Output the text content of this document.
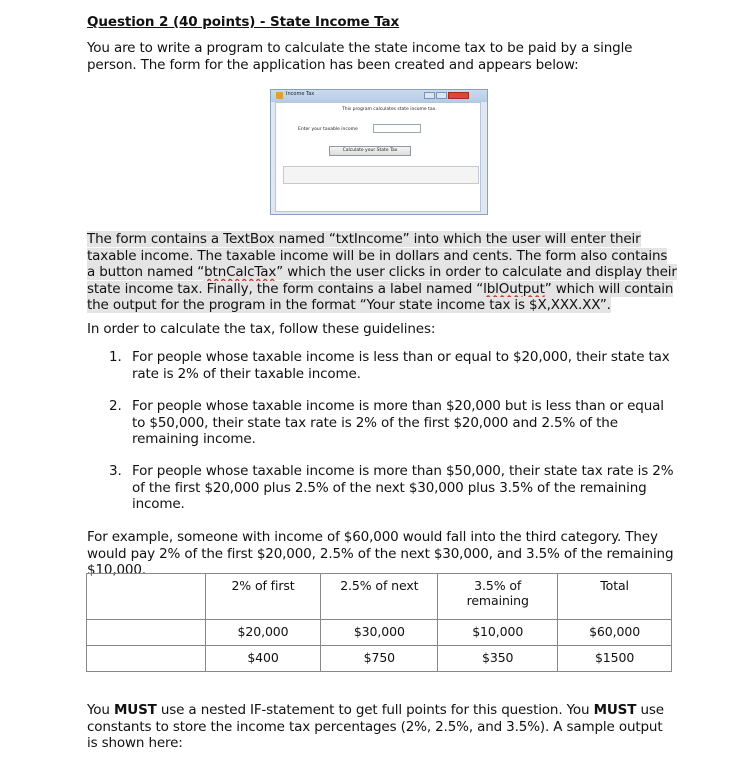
Question 2 (40 points) - State Income Tax
You are to write a program to calculate the state income tax to be paid by a single person. The form for the application has been created and appears below:
Income Tax
This program calculates state income tax.
Enter your taxable income
Calculate your State Tax
The form contains a TextBox named “txtIncome” into which the user will enter their taxable income. The taxable income will be in dollars and cents. The form also contains a button named “btnCalcTax” which the user clicks in order to calculate and display their state income tax. Finally, the form contains a label named “lblOutput” which will contain the output for the program in the format “Your state income tax is $X,XXX.XX”.
In order to calculate the tax, follow these guidelines:
1. For people whose taxable income is less than or equal to $20,000, their state tax rate is 2% of their taxable income.
2. For people whose taxable income is more than $20,000 but is less than or equal to $50,000, their state tax rate is 2% of the first $20,000 and 2.5% of the remaining income.
3. For people whose taxable income is more than $50,000, their state tax rate is 2% of the first $20,000 plus 2.5% of the next $30,000 plus 3.5% of the remaining income.
For example, someone with income of $60,000 would fall into the third category. They would pay 2% of the first $20,000, 2.5% of the next $30,000, and 3.5% of the remaining $10,000.
	2% of first	2.5% of next	3.5% of remaining	Total
	$20,000	$30,000	$10,000	$60,000
	$400	$750	$350	$1500
You MUST use a nested IF-statement to get full points for this question. You MUST use constants to store the income tax percentages (2%, 2.5%, and 3.5%). A sample output is shown here:
